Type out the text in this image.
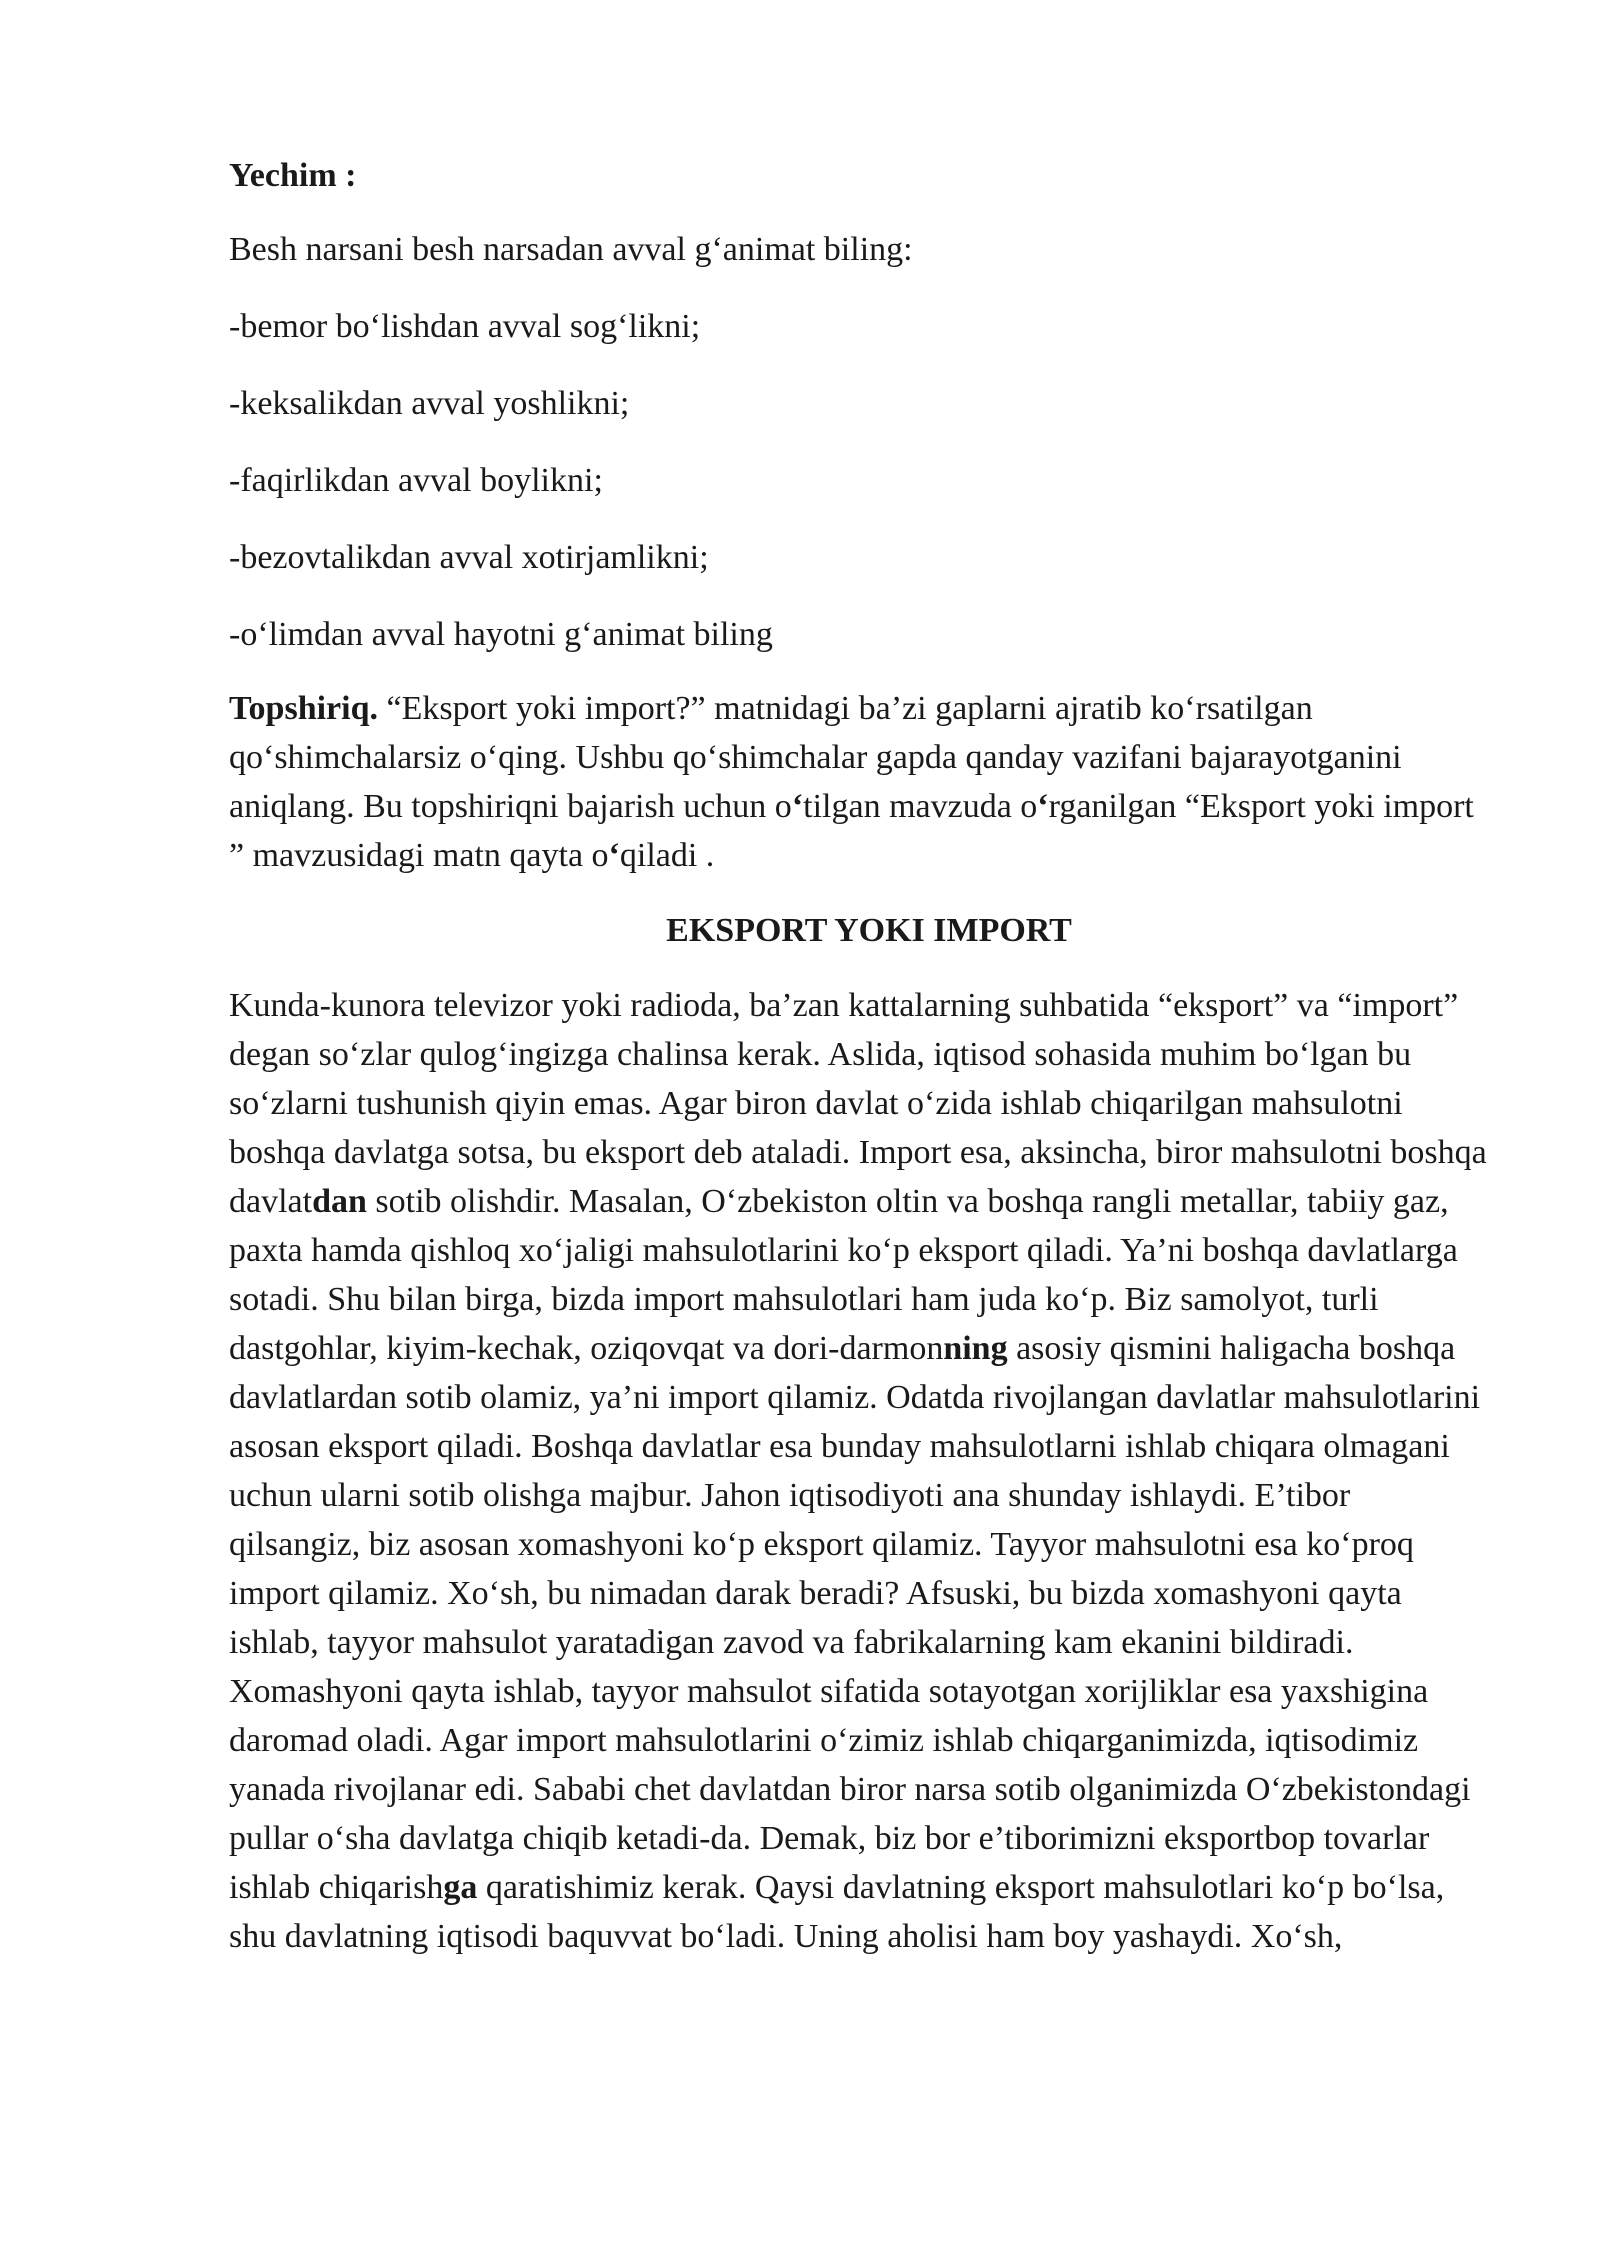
Yechim :
Besh narsani besh narsadan avval g‘animat biling:
-bemor bo‘lishdan avval sog‘likni;
-keksalikdan avval yoshlikni;
-faqirlikdan avval boylikni;
-bezovtalikdan avval xotirjamlikni;
-o‘limdan avval hayotni g‘animat biling

Topshiriq. “Eksport yoki import?” matnidagi ba’zi gaplarni ajratib ko‘rsatilgan qo‘shimchalarsiz o‘qing. Ushbu qo‘shimchalar gapda qanday vazifani bajarayotganini aniqlang. Bu topshiriqni bajarish uchun o‘tilgan mavzuda o‘rganilgan “Eksport yoki import ” mavzusidagi matn qayta o‘qiladi .

EKSPORT YOKI IMPORT

Kunda-kunora televizor yoki radioda, ba’zan kattalarning suhbatida “eksport” va “import” degan so‘zlar qulog‘ingizga chalinsa kerak. Aslida, iqtisod sohasida muhim bo‘lgan bu so‘zlarni tushunish qiyin emas. Agar biron davlat o‘zida ishlab chiqarilgan mahsulotni boshqa davlatga sotsa, bu eksport deb ataladi. Import esa, aksincha, biror mahsulotni boshqa davlatdan sotib olishdir. Masalan, O‘zbekiston oltin va boshqa rangli metallar, tabiiy gaz, paxta hamda qishloq xo‘jaligi mahsulotlarini ko‘p eksport qiladi. Ya’ni boshqa davlatlarga sotadi. Shu bilan birga, bizda import mahsulotlari ham juda ko‘p. Biz samolyot, turli dastgohlar, kiyim-kechak, oziqovqat va dori-darmonning asosiy qismini haligacha boshqa davlatlardan sotib olamiz, ya’ni import qilamiz. Odatda rivojlangan davlatlar mahsulotlarini asosan eksport qiladi. Boshqa davlatlar esa bunday mahsulotlarni ishlab chiqara olmagani uchun ularni sotib olishga majbur. Jahon iqtisodiyoti ana shunday ishlaydi. E’tibor qilsangiz, biz asosan xomashyoni ko‘p eksport qilamiz. Tayyor mahsulotni esa ko‘proq import qilamiz. Xo‘sh, bu nimadan darak beradi? Afsuski, bu bizda xomashyoni qayta ishlab, tayyor mahsulot yaratadigan zavod va fabrikalarning kam ekanini bildiradi. Xomashyoni qayta ishlab, tayyor mahsulot sifatida sotayotgan xorijliklar esa yaxshigina daromad oladi. Agar import mahsulotlarini o‘zimiz ishlab chiqarganimizda, iqtisodimiz yanada rivojlanar edi. Sababi chet davlatdan biror narsa sotib olganimizda O‘zbekistondagi pullar o‘sha davlatga chiqib ketadi-da. Demak, biz bor e’tiborimizni eksportbop tovarlar ishlab chiqarishga qaratishimiz kerak. Qaysi davlatning eksport mahsulotlari ko‘p bo‘lsa, shu davlatning iqtisodi baquvvat bo‘ladi. Uning aholisi ham boy yashaydi. Xo‘sh,
